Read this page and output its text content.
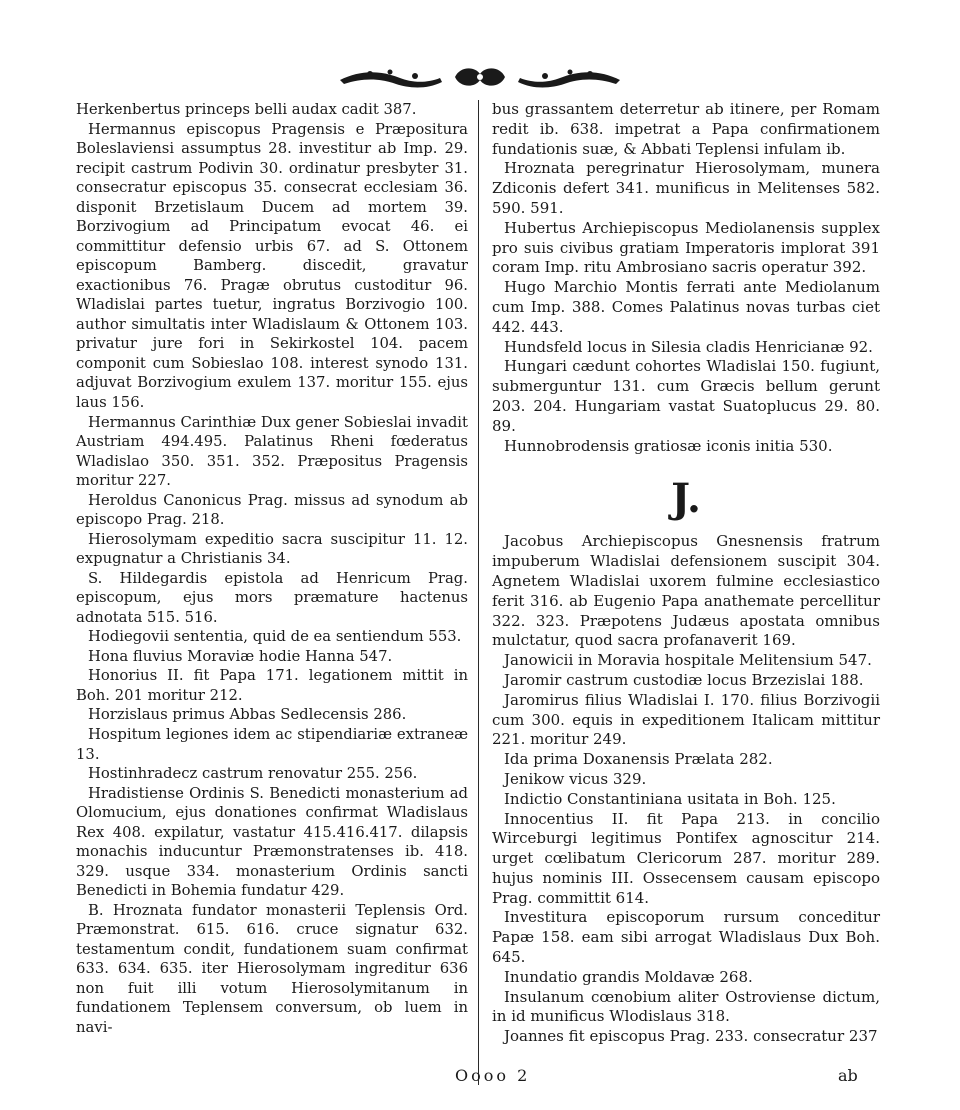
Herkenbertus princeps belli audax cadit 387.

Hermannus episcopus Pragensis e Præpositura Boleslaviensi assumptus 28. investitur ab Imp. 29. recipit castrum Podivin 30. ordinatur presbyter 31. consecratur episcopus 35. consecrat ecclesiam 36. disponit Brzetislaum Ducem ad mortem 39. Borzivogium ad Principatum evocat 46. ei committitur defensio urbis 67. ad S. Ottonem episcopum Bamberg. discedit, gravatur exactionibus 76. Pragæ obrutus custoditur 96. Wladislai partes tuetur, ingratus Borzivogio 100. author simultatis inter Wladislaum & Ottonem 103. privatur jure fori in Sekirkostel 104. pacem componit cum Sobieslao 108. interest synodo 131. adjuvat Borzivogium exulem 137. moritur 155. ejus laus 156.

Hermannus Carinthiæ Dux gener Sobieslai invadit Austriam 494.495. Palatinus Rheni fœderatus Wladislao 350. 351. 352. Præpositus Pragensis moritur 227.

Heroldus Canonicus Prag. missus ad synodum ab episcopo Prag. 218.

Hierosolymam expeditio sacra suscipitur 11. 12. expugnatur a Christianis 34.

S. Hildegardis epistola ad Henricum Prag. episcopum, ejus mors præmature hactenus adnotata 515. 516.

Hodiegovii sententia, quid de ea sentiendum 553.

Hona fluvius Moraviæ hodie Hanna 547.

Honorius II. fit Papa 171. legationem mittit in Boh. 201 moritur 212.

Horzislaus primus Abbas Sedlecensis 286.

Hospitum legiones idem ac stipendiariæ extraneæ 13.

Hostinhradecz castrum renovatur 255. 256.

Hradistiense Ordinis S. Benedicti monasterium ad Olomucium, ejus donationes confirmat Wladislaus Rex 408. expilatur, vastatur 415.416.417. dilapsis monachis inducuntur Præmonstratenses ib. 418. 329. usque 334. monasterium Ordinis sancti Benedicti in Bohemia fundatur 429.

B. Hroznata fundator monasterii Teplensis Ord. Præmonstrat. 615. 616. cruce signatur 632. testamentum condit, fundationem suam confirmat 633. 634. 635. iter Hierosolymam ingreditur 636 non fuit illi votum Hierosolymitanum in fundationem Teplensem conversum, ob luem in navi-

bus grassantem deterretur ab itinere, per Romam redit ib. 638. impetrat a Papa confirmationem fundationis suæ, & Abbati Teplensi infulam ib.

Hroznata peregrinatur Hierosolymam, munera Zdiconis defert 341. munificus in Melitenses 582. 590. 591.

Hubertus Archiepiscopus Mediolanensis supplex pro suis civibus gratiam Imperatoris implorat 391 coram Imp. ritu Ambrosiano sacris operatur 392.

Hugo Marchio Montis ferrati ante Mediolanum cum Imp. 388. Comes Palatinus novas turbas ciet 442. 443.

Hundsfeld locus in Silesia cladis Henricianæ 92.

Hungari cædunt cohortes Wladislai 150. fugiunt, submerguntur 131. cum Græcis bellum gerunt 203. 204. Hungariam vastat Suatoplucus 29. 80. 89.

Hunnobrodensis gratiosæ iconis initia 530.

J.

Jacobus Archiepiscopus Gnesnensis fratrum impuberum Wladislai defensionem suscipit 304. Agnetem Wladislai uxorem fulmine ecclesiastico ferit 316. ab Eugenio Papa anathemate percellitur 322. 323. Præpotens Judæus apostata omnibus mulctatur, quod sacra profanaverit 169.

Janowicii in Moravia hospitale Melitensium 547.

Jaromir castrum custodiæ locus Brzezislai 188.

Jaromirus filius Wladislai I. 170. filius Borzivogii cum 300. equis in expeditionem Italicam mittitur 221. moritur 249.

Ida prima Doxanensis Prælata 282.

Jenikow vicus 329.

Indictio Constantiniana usitata in Boh. 125.

Innocentius II. fit Papa 213. in concilio Wirceburgi legitimus Pontifex agnoscitur 214. urget cœlibatum Clericorum 287. moritur 289. hujus nominis III. Ossecensem causam episcopo Prag. committit 614.

Investitura episcoporum rursum conceditur Papæ 158. eam sibi arrogat Wladislaus Dux Boh. 645.

Inundatio grandis Moldavæ 268.

Insulanum cœnobium aliter Ostroviense dictum, in id munificus Wlodislaus 318.

Joannes fit episcopus Prag. 233. consecratur 237

Oooo 2	ab
